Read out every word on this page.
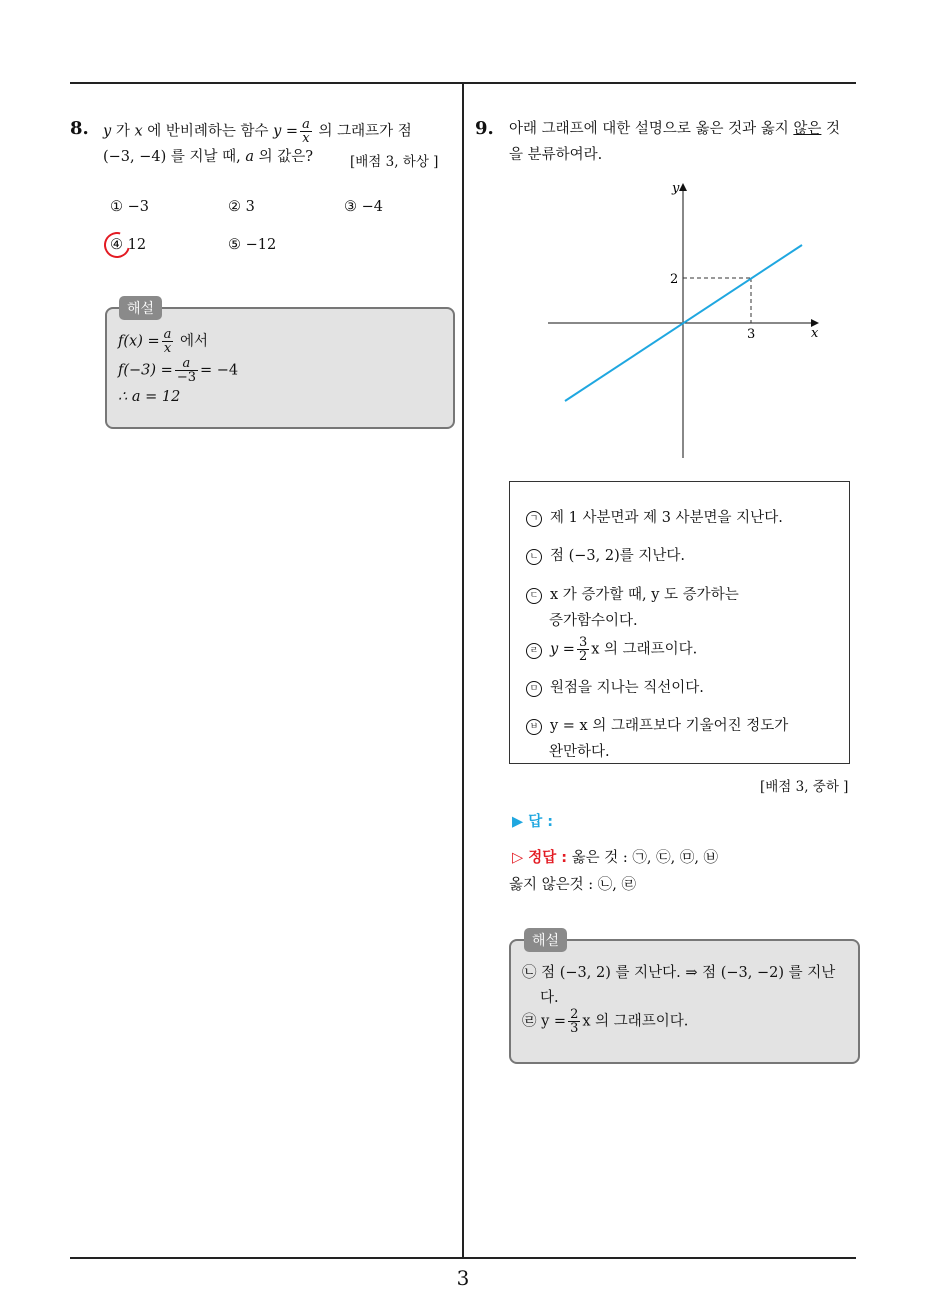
8. y 가 x 에 반비례하는 함수 $y = \frac{a}{x}$ 의 그래프가 점
(−3, −4) 를 지날 때, a 의 값은?	[배점 3, 하상 ]
① −3	② 3	③ −4
④ 12	⑤ −12
해설
$f(x) = \frac{a}{x}$ 에서
$f(-3) = \frac{a}{-3} = -4$
∴ a = 12
9. 아래 그래프에 대한 설명으로 옳은 것과 옳지 않은 것
을 분류하여라.
y
x
2
3
ㄱ 제 1 사분면과 제 3 사분면을 지난다.
ㄴ 점 (−3, 2)를 지난다.
ㄷ x 가 증가할 때, y 도 증가하는
증가함수이다.
ㄹ $y = \frac{3}{2}$ x 의 그래프이다.
ㅁ 원점을 지나는 직선이다.
ㅂ y = x 의 그래프보다 기울어진 정도가
완만하다.
[배점 3, 중하 ]
▶ 답 :
▷ 정답 : 옳은 것 : ㉠, ㉢, ㉤, ㉥
옳지 않은것 : ㉡, ㉣
해설
㉡ 점 (−3, 2) 를 지난다. ⇒ 점 (−3, −2) 를 지난
다.
㉣ $y = \frac{2}{3}$ x 의 그래프이다.
3
